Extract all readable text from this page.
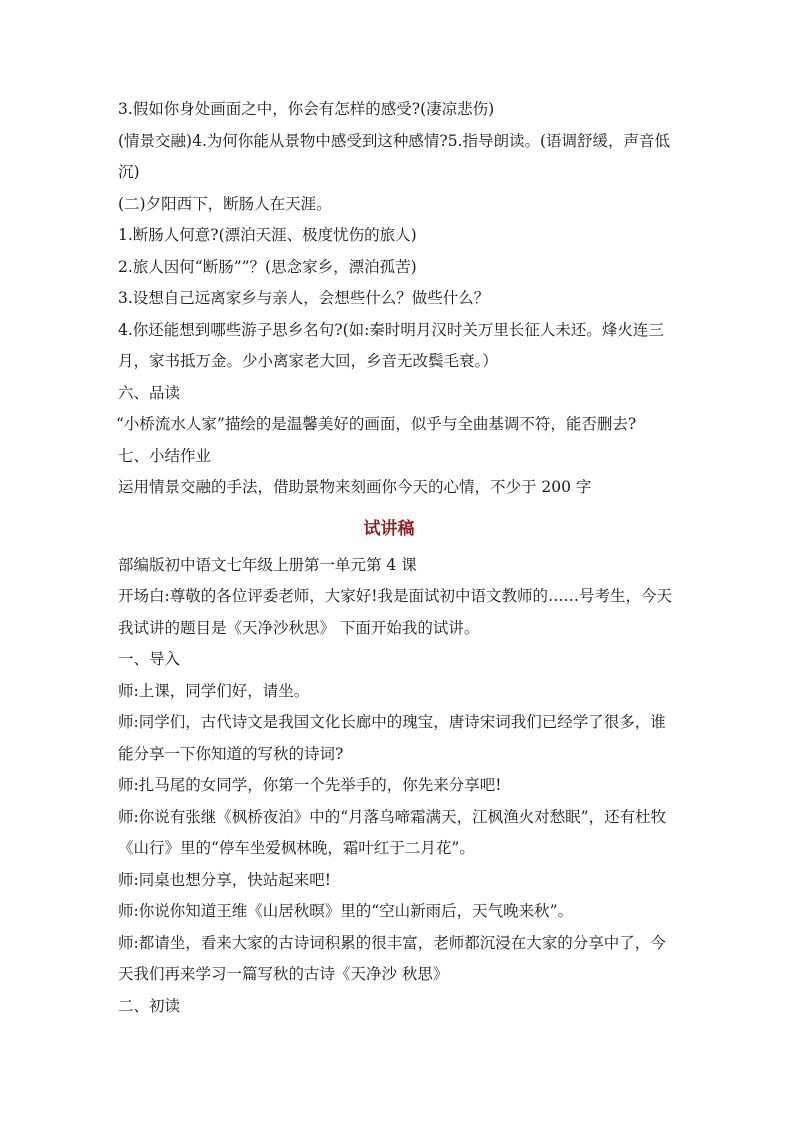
3.假如你身处画面之中，你会有怎样的感受?(凄凉悲伤)

(情景交融)4.为何你能从景物中感受到这种感情?5.指导朗读。(语调舒缓，声音低沉)

(二)夕阳西下，断肠人在天涯。

1.断肠人何意?(漂泊天涯、极度忧伤的旅人)

2.旅人因何“断肠””？(思念家乡，漂泊孤苦)

3.设想自己远离家乡与亲人，会想些什么？做些什么？

4.你还能想到哪些游子思乡名句?(如:秦时明月汉时关万里长征人未还。烽火连三月，家书抵万金。少小离家老大回，乡音无改鬓毛衰。）

六、品读

“小桥流水人家”描绘的是温馨美好的画面，似乎与全曲基调不符，能否删去?

七、小结作业

运用情景交融的手法，借助景物来刻画你今天的心情，不少于 200 字

试讲稿

部编版初中语文七年级上册第一单元第 4 课

开场白:尊敬的各位评委老师，大家好!我是面试初中语文教师的……号考生，今天我试讲的题目是《天净沙秋思》 下面开始我的试讲。

一、导入

师:上课，同学们好，请坐。

师:同学们，古代诗文是我国文化长廊中的瑰宝，唐诗宋词我们已经学了很多，谁能分享一下你知道的写秋的诗词?

师:扎马尾的女同学，你第一个先举手的，你先来分享吧!

师:你说有张继《枫桥夜泊》中的“月落乌啼霜满天，江枫渔火对愁眠”，还有杜牧《山行》里的“停车坐爱枫林晚，霜叶红于二月花”。

师:同桌也想分享，快站起来吧!

师:你说你知道王维《山居秋暝》里的“空山新雨后，天气晚来秋”。

师:都请坐，看来大家的古诗词积累的很丰富，老师都沉浸在大家的分享中了，今天我们再来学习一篇写秋的古诗《天净沙 秋思》

二、初读
